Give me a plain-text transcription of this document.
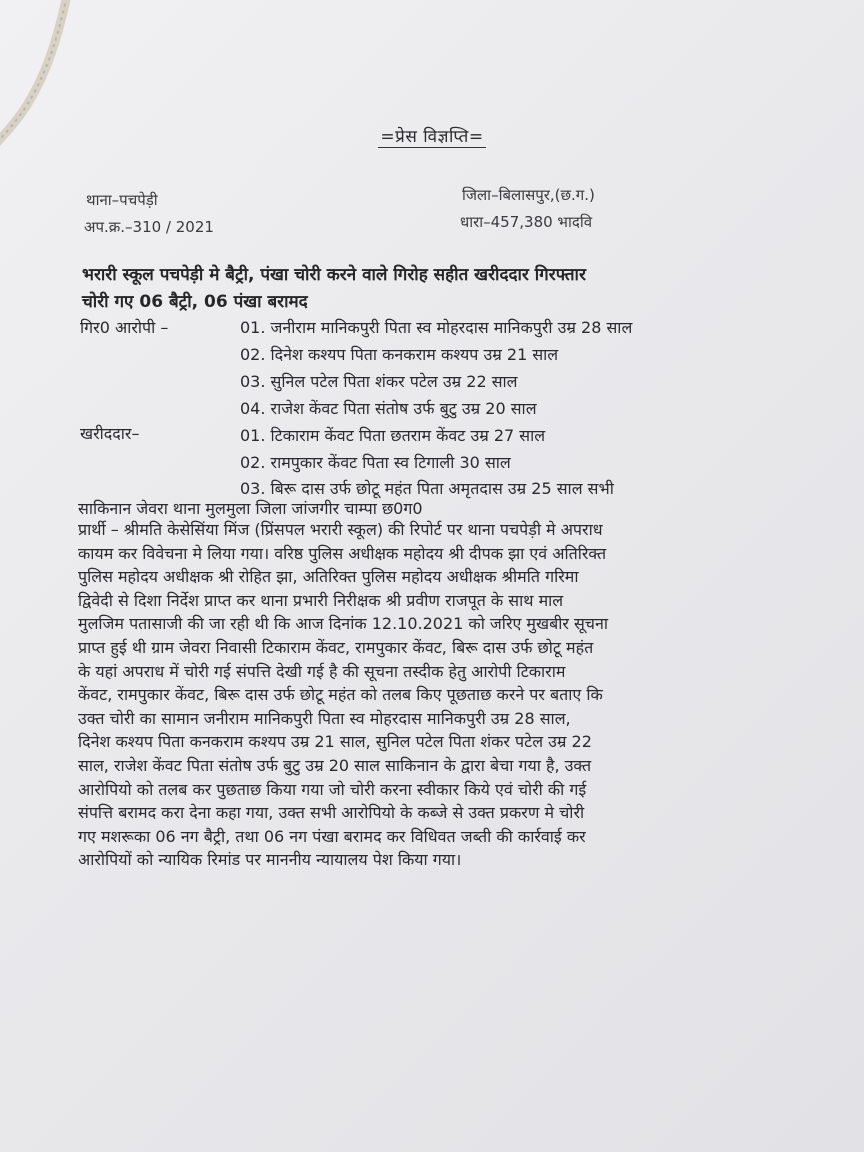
=प्रेस विज्ञप्ति=
थाना–पचपेड़ी
अप.क्र.–310 / 2021
जिला–बिलासपुर,(छ.ग.)
धारा–457,380 भादवि
भरारी स्कूल पचपेड़ी मे बैट्री, पंखा चोरी करने वाले गिरोह सहीत खरीददार गिरफ्तार
चोरी गए 06 बैट्री, 06 पंखा बरामद
गिर0 आरोपी –	01. जनीराम मानिकपुरी पिता स्व मोहरदास मानिकपुरी उम्र 28 साल
02. दिनेश कश्यप पिता कनकराम कश्यप उम्र 21 साल
03. सुनिल पटेल पिता शंकर पटेल उम्र 22 साल
04. राजेश केंवट पिता संतोष उर्फ बुटु उम्र 20 साल
खरीददार–	01. टिकाराम केंवट पिता छतराम केंवट उम्र 27 साल
02. रामपुकार केंवट पिता स्व टिगाली 30 साल
03. बिरू दास उर्फ छोटू महंत पिता अमृतदास उम्र 25 साल सभी
साकिनान जेवरा थाना मुलमुला जिला जांजगीर चाम्पा छ0ग0
प्रार्थी – श्रीमति केसेसिंया मिंज (प्रिंसपल भरारी स्कूल) की रिपोर्ट पर थाना पचपेड़ी मे अपराध
कायम कर विवेचना मे लिया गया। वरिष्ठ पुलिस अधीक्षक महोदय श्री दीपक झा एवं अतिरिक्त
पुलिस महोदय अधीक्षक श्री रोहित झा, अतिरिक्त पुलिस महोदय अधीक्षक श्रीमति गरिमा
द्विवेदी से दिशा निर्देश प्राप्त कर थाना प्रभारी निरीक्षक श्री प्रवीण राजपूत के साथ माल
मुलजिम पतासाजी की जा रही थी कि आज दिनांक 12.10.2021 को जरिए मुखबीर सूचना
प्राप्त हुई थी ग्राम जेवरा निवासी टिकाराम केंवट, रामपुकार केंवट, बिरू दास उर्फ छोटू महंत
के यहां अपराध में चोरी गई संपत्ति देखी गई है की सूचना तस्दीक हेतु आरोपी टिकाराम
केंवट, रामपुकार केंवट, बिरू दास उर्फ छोटू महंत को तलब किए पूछताछ करने पर बताए कि
उक्त चोरी का सामान जनीराम मानिकपुरी पिता स्व मोहरदास मानिकपुरी उम्र 28 साल,
दिनेश कश्यप पिता कनकराम कश्यप उम्र 21 साल, सुनिल पटेल पिता शंकर पटेल उम्र 22
साल, राजेश केंवट पिता संतोष उर्फ बुटु उम्र 20 साल साकिनान के द्वारा बेचा गया है, उक्त
आरोपियो को तलब कर पुछताछ किया गया जो चोरी करना स्वीकार किये एवं चोरी की गई
संपत्ति बरामद करा देना कहा गया, उक्त सभी आरोपियो के कब्जे से उक्त प्रकरण मे चोरी
गए मशरूका 06 नग बैट्री, तथा 06 नग पंखा बरामद कर विधिवत जब्ती की कार्रवाई कर
आरोपियों को न्यायिक रिमांड पर माननीय न्यायालय पेश किया गया।
